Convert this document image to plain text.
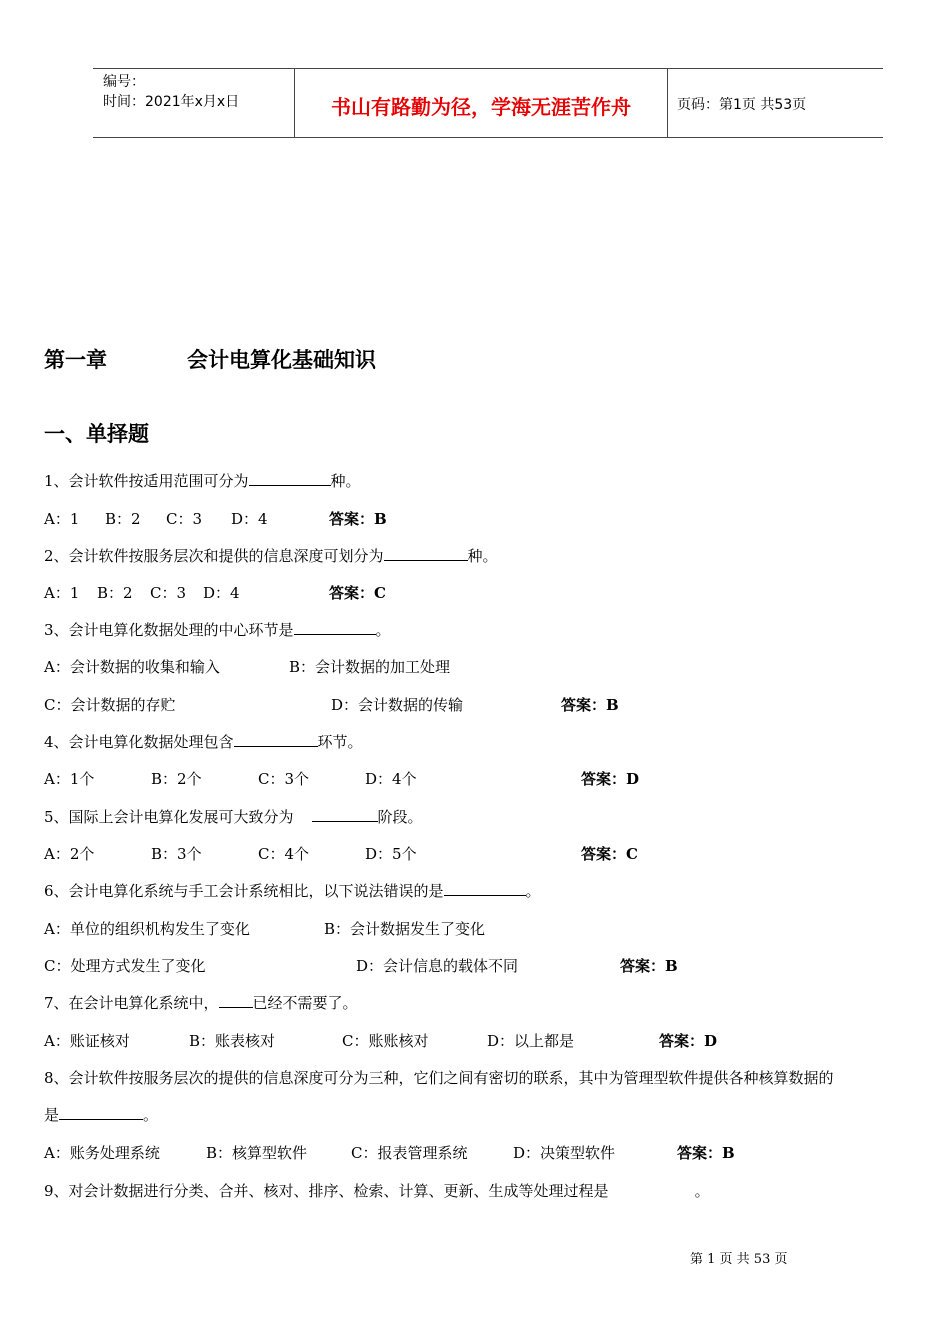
编号：
时间：2021年x月x日	书山有路勤为径，学海无涯苦作舟	页码：第1页 共53页
第一章	会计电算化基础知识
一、单择题
1、会计软件按适用范围可分为	种。
A：1 B：2 C：3 D：4	答案：B
2、会计软件按服务层次和提供的信息深度可划分为	种。
A：1 B：2 C：3 D：4	答案：C
3、会计电算化数据处理的中心环节是	。
A：会计数据的收集和输入	B：会计数据的加工处理
C：会计数据的存贮	D：会计数据的传输	答案：B
4、会计电算化数据处理包含	环节。
A：1个	B：2个	C：3个	D：4个	答案：D
5、国际上会计电算化发展可大致分为	阶段。
A：2个	B：3个	C：4个	D：5个	答案：C
6、会计电算化系统与手工会计系统相比，以下说法错误的是	。
A：单位的组织机构发生了变化	B：会计数据发生了变化
C：处理方式发生了变化	D：会计信息的载体不同	答案：B
7、在会计电算化系统中， 已经不需要了。
A：账证核对	B：账表核对	C：账账核对	D：以上都是	答案：D
8、会计软件按服务层次的提供的信息深度可分为三种，它们之间有密切的联系，其中为管理型软件提供各种核算数据的
是	。
A：账务处理系统	B：核算型软件	C：报表管理系统	D：决策型软件	答案：B
9、对会计数据进行分类、合并、核对、排序、检索、计算、更新、生成等处理过程是	。
第 1 页 共 53 页
